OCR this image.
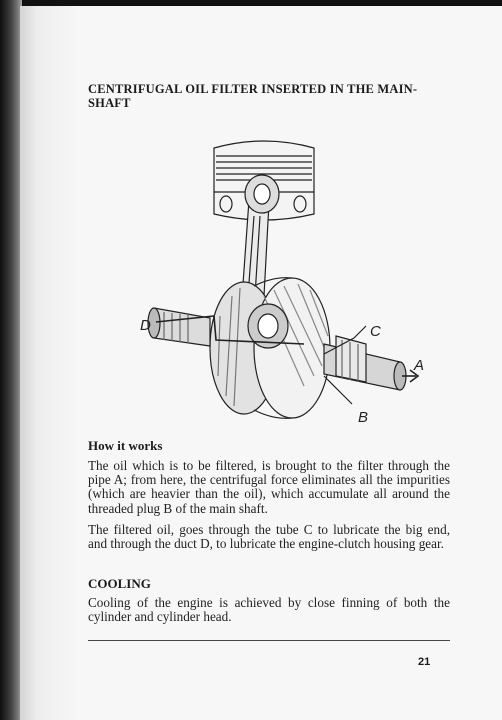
CENTRIFUGAL OIL FILTER INSERTED IN THE MAIN-
SHAFT
D	C
A
B
How it works

The oil which is to be filtered, is brought to the filter through the pipe A; from here, the centrifugal force eliminates all the impurities (which are heavier than the oil), which accumulate all around the threaded plug B of the main shaft.

The filtered oil, goes through the tube C to lubricate the big end, and through the duct D, to lubricate the engine-clutch housing gear.

COOLING

Cooling of the engine is achieved by close finning of both the cylinder and cylinder head.

21
